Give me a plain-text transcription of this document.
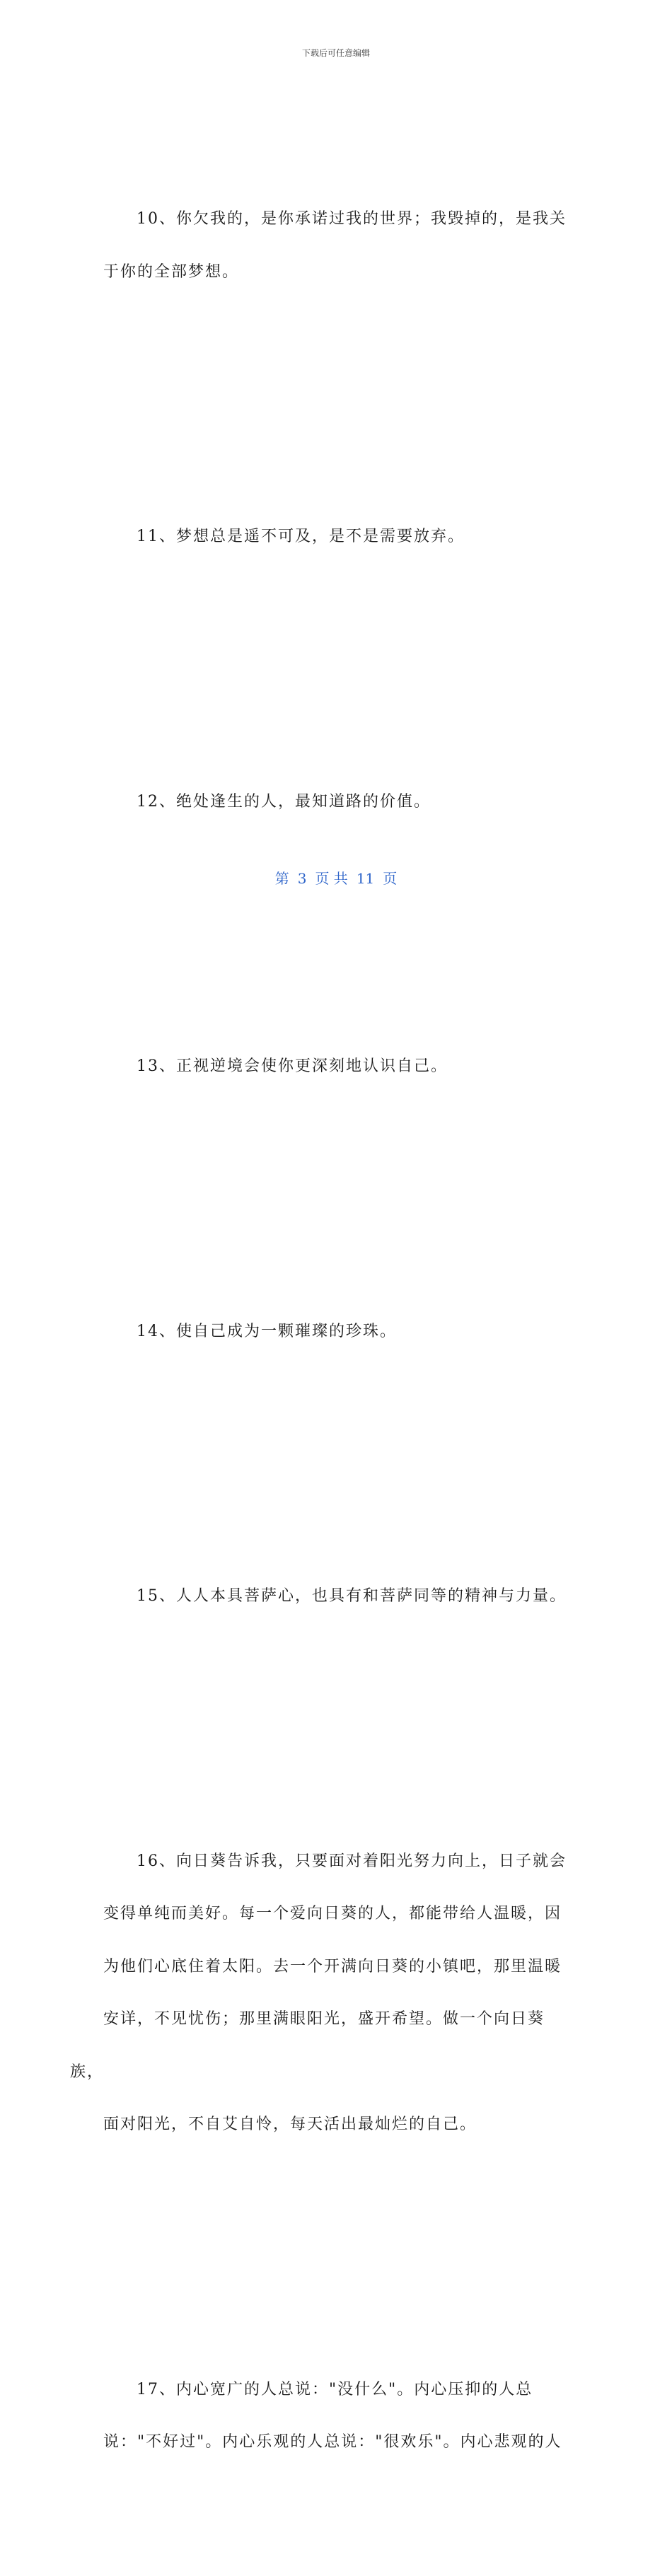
下载后可任意编辑

10、你欠我的，是你承诺过我的世界；我毁掉的，是我关
于你的全部梦想。

11、梦想总是遥不可及，是不是需要放弃。

12、绝处逢生的人，最知道路的价值。

13、正视逆境会使你更深刻地认识自己。

14、使自己成为一颗璀璨的珍珠。

15、人人本具菩萨心，也具有和菩萨同等的精神与力量。

16、向日葵告诉我，只要面对着阳光努力向上，日子就会
变得单纯而美好。每一个爱向日葵的人，都能带给人温暖，因
为他们心底住着太阳。去一个开满向日葵的小镇吧，那里温暖
安详，不见忧伤；那里满眼阳光，盛开希望。做一个向日葵族，
面对阳光，不自艾自怜，每天活出最灿烂的自己。

17、内心宽广的人总说："没什么"。内心压抑的人总
说："不好过"。内心乐观的人总说："很欢乐"。内心悲观的人

第 3 页 共 11 页
